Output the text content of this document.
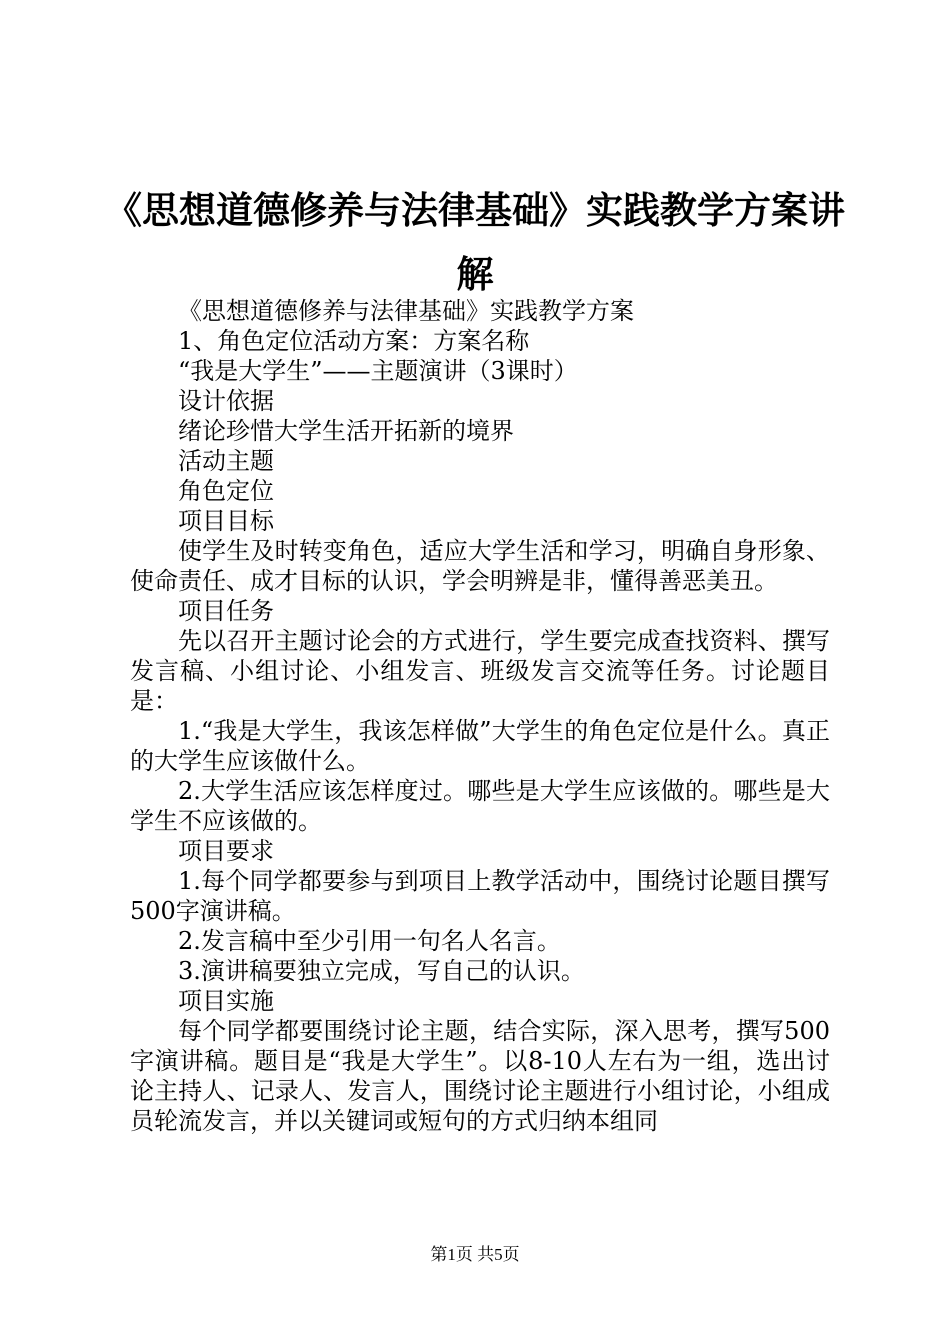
《思想道德修养与法律基础》实践教学方案讲解

《思想道德修养与法律基础》实践教学方案

1、角色定位活动方案：方案名称

“我是大学生”——主题演讲（3课时）

设计依据

绪论珍惜大学生活开拓新的境界

活动主题

角色定位

项目目标

使学生及时转变角色，适应大学生活和学习，明确自身形象、使命责任、成才目标的认识，学会明辨是非，懂得善恶美丑。

项目任务

先以召开主题讨论会的方式进行，学生要完成查找资料、撰写发言稿、小组讨论、小组发言、班级发言交流等任务。讨论题目是：

1.“我是大学生，我该怎样做”大学生的角色定位是什么。真正的大学生应该做什么。

2.大学生活应该怎样度过。哪些是大学生应该做的。哪些是大学生不应该做的。

项目要求

1.每个同学都要参与到项目上教学活动中，围绕讨论题目撰写500字演讲稿。

2.发言稿中至少引用一句名人名言。

3.演讲稿要独立完成，写自己的认识。

项目实施

每个同学都要围绕讨论主题，结合实际，深入思考，撰写500字演讲稿。题目是“我是大学生”。以8-10人左右为一组，选出讨论主持人、记录人、发言人，围绕讨论主题进行小组讨论，小组成员轮流发言，并以关键词或短句的方式归纳本组同

第1页 共5页
